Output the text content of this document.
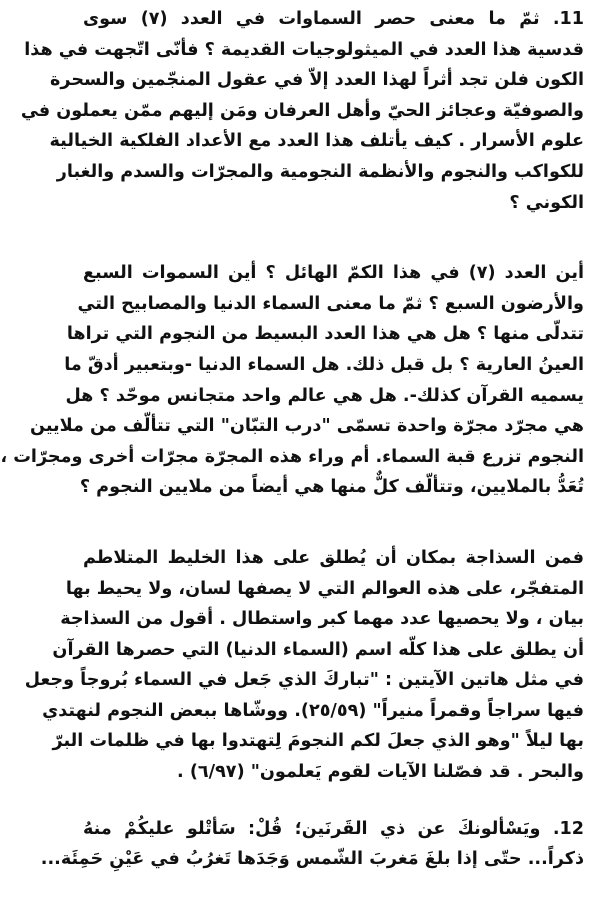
11. ثمّ ما معنى حصر السماوات في العدد (٧) سوى
قدسية هذا العدد في الميثولوجيات القديمة ؟ فأنّى اتّجهت في هذا
الكون فلن تجد أثراً لهذا العدد إلاّ في عقول المنجّمين والسحرة
والصوفيّة وعجائز الحيّ وأهل العرفان ومَن إليهم ممّن يعملون في
علوم الأسرار . كيف يأتلف هذا العدد مع الأعداد الفلكية الخيالية
للكواكب والنجوم والأنظمة النجومية والمجرّات والسدم والغبار
الكوني ؟
أين العدد (٧) في هذا الكمّ الهائل ؟ أين السموات السبع
والأرضون السبع ؟ ثمّ ما معنى السماء الدنيا والمصابيح التي
تتدلّى منها ؟ هل هي هذا العدد البسيط من النجوم التي تراها
العينُ العارية ؟ بل قبل ذلك. هل السماء الدنيا -وبتعبير أدقّ ما
يسميه القرآن كذلك-. هل هي عالم واحد متجانس موحّد ؟ هل
هي مجرّد مجرّة واحدة تسمّى "درب التبّان" التي تتألّف من ملايين
النجوم تزرع قبة السماء. أم وراء هذه المجرّة مجرّات أخرى ومجرّات ،
تُعَدُّ بالملايين، وتتألّف كلٌّ منها هي أيضاً من ملايين النجوم ؟
فمن السذاجة بمكان أن يُطلق على هذا الخليط المتلاطم
المتفجّر، على هذه العوالم التي لا يصفها لسان، ولا يحيط بها
بيان ، ولا يحصيها عدد مهما كبر واستطال . أقول من السذاجة
أن يطلق على هذا كلّه اسم (السماء الدنيا) التي حصرها القرآن
في مثل هاتين الآيتين : "تباركَ الذي جَعل في السماء بُروجاً وجعل
فيها سراجاً وقمراً منيراً" (٢٥/٥٩). ووشّاها ببعض النجوم لنهتدي
بها ليلاً "وهو الذي جعلَ لكم النجومَ لِتهتدوا بها في ظلمات البرّ
والبحر . قد فصّلنا الآيات لقوم يَعلمون" (٦/٩٧) .
12. ويَسْألونكَ عن ذي القَرنَين؛ قُلْ: سَأتْلو عليكُمْ منهُ
ذكراً... حتّى إذا بلغَ مَغربَ الشّمس وَجَدَها تَغرُبُ في عَيْنِ حَمِئَة...
